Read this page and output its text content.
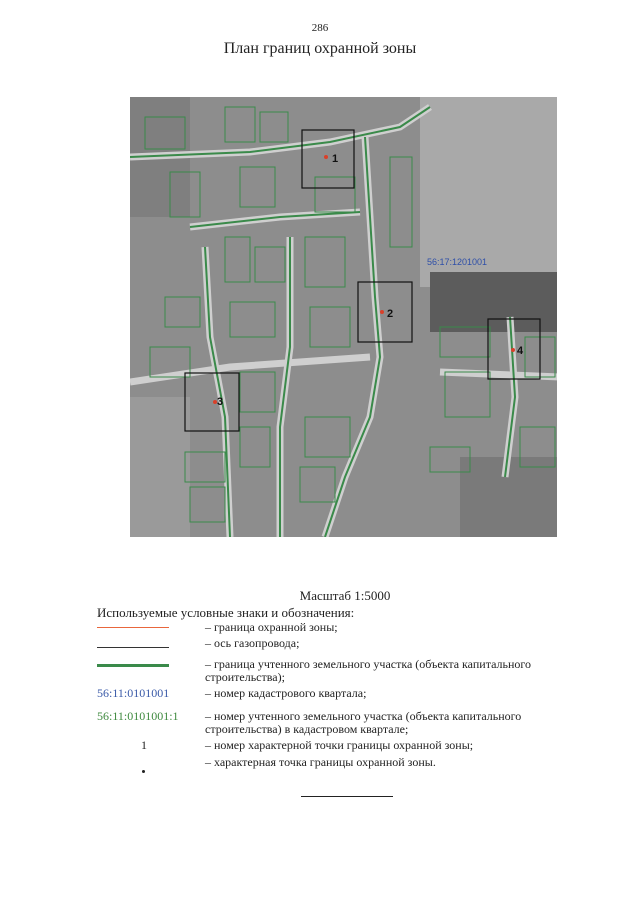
286
План границ охранной зоны
1
2
3
4
56:17:1201001
Масштаб 1:5000
Используемые условные знаки и обозначения:
– граница охранной зоны;
– ось газопровода;
– граница учтенного земельного участка (объекта капитального строительства);
56:11:0101001	– номер кадастрового квартала;
56:11:0101001:1	– номер учтенного земельного участка (объекта капитального строительства) в кадастровом квартале;
1	– номер характерной точки границы охранной зоны;
– характерная точка границы охранной зоны.
